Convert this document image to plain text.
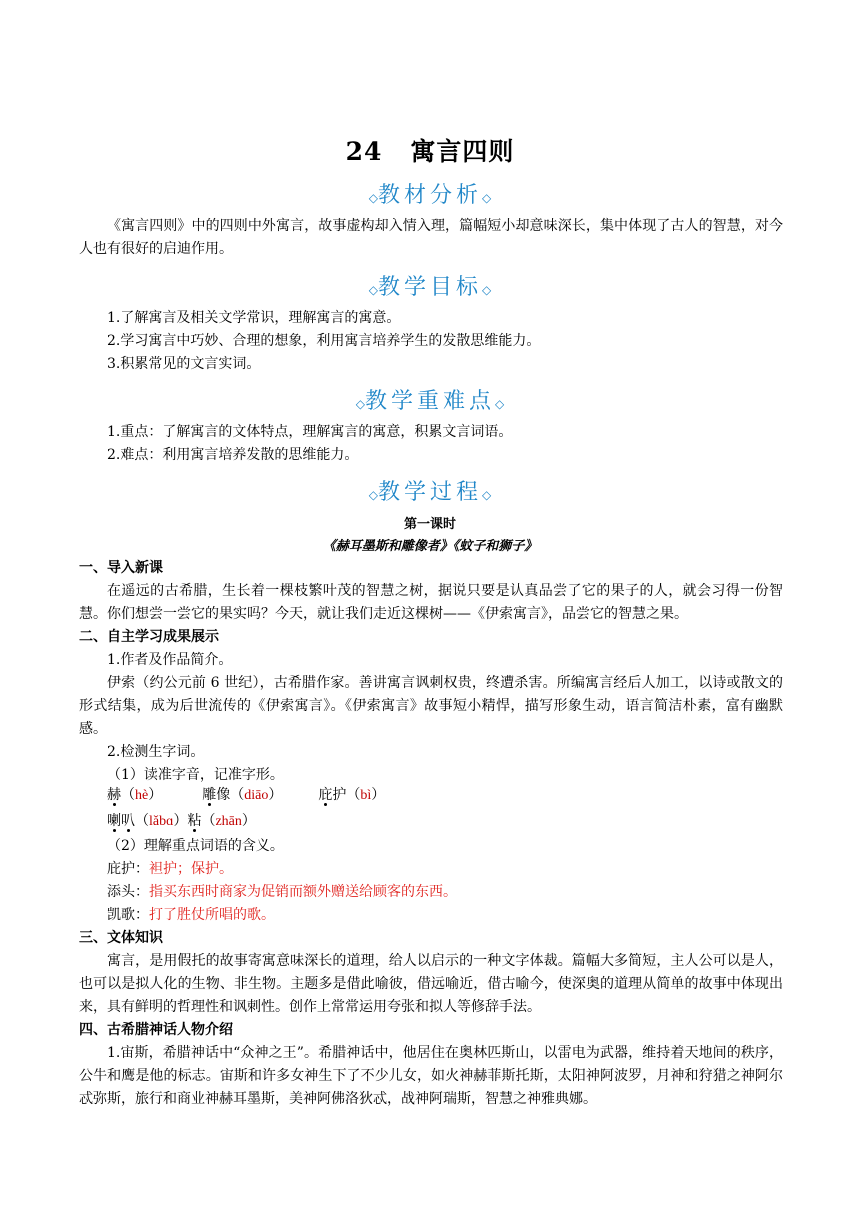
24 寓言四则
◇教材分析◇
《寓言四则》中的四则中外寓言，故事虚构却入情入理，篇幅短小却意味深长，集中体现了古人的智慧，对今人也有很好的启迪作用。
◇教学目标◇
1.了解寓言及相关文学常识，理解寓言的寓意。
2.学习寓言中巧妙、合理的想象，利用寓言培养学生的发散思维能力。
3.积累常见的文言实词。
◇教学重难点◇
1.重点：了解寓言的文体特点，理解寓言的寓意，积累文言词语。
2.难点：利用寓言培养发散的思维能力。
◇教学过程◇
第一课时
《赫耳墨斯和雕像者》《蚊子和狮子》
一、导入新课
在遥远的古希腊，生长着一棵枝繁叶茂的智慧之树，据说只要是认真品尝了它的果子的人，就会习得一份智慧。你们想尝一尝它的果实吗？今天，就让我们走近这棵树——《伊索寓言》，品尝它的智慧之果。
二、自主学习成果展示
1.作者及作品简介。
伊索（约公元前 6 世纪），古希腊作家。善讲寓言讽刺权贵，终遭杀害。所编寓言经后人加工，以诗或散文的形式结集，成为后世流传的《伊索寓言》。《伊索寓言》故事短小精悍，描写形象生动，语言简洁朴素，富有幽默感。
2.检测生字词。
（1）读准字音，记准字形。
赫（hè）	雕像（diāo）	庇护（bì）
喇叭（lǎbɑ）粘（zhān）
（2）理解重点词语的含义。
庇护：袒护；保护。
添头：指买东西时商家为促销而额外赠送给顾客的东西。
凯歌：打了胜仗所唱的歌。
三、文体知识
寓言，是用假托的故事寄寓意味深长的道理，给人以启示的一种文字体裁。篇幅大多简短，主人公可以是人，也可以是拟人化的生物、非生物。主题多是借此喻彼，借远喻近，借古喻今，使深奥的道理从简单的故事中体现出来，具有鲜明的哲理性和讽刺性。创作上常常运用夸张和拟人等修辞手法。
四、古希腊神话人物介绍
1.宙斯，希腊神话中“众神之王”。希腊神话中，他居住在奥林匹斯山，以雷电为武器，维持着天地间的秩序，公牛和鹰是他的标志。宙斯和许多女神生下了不少儿女，如火神赫菲斯托斯，太阳神阿波罗，月神和狩猎之神阿尔忒弥斯，旅行和商业神赫耳墨斯，美神阿佛洛狄忒，战神阿瑞斯，智慧之神雅典娜。
